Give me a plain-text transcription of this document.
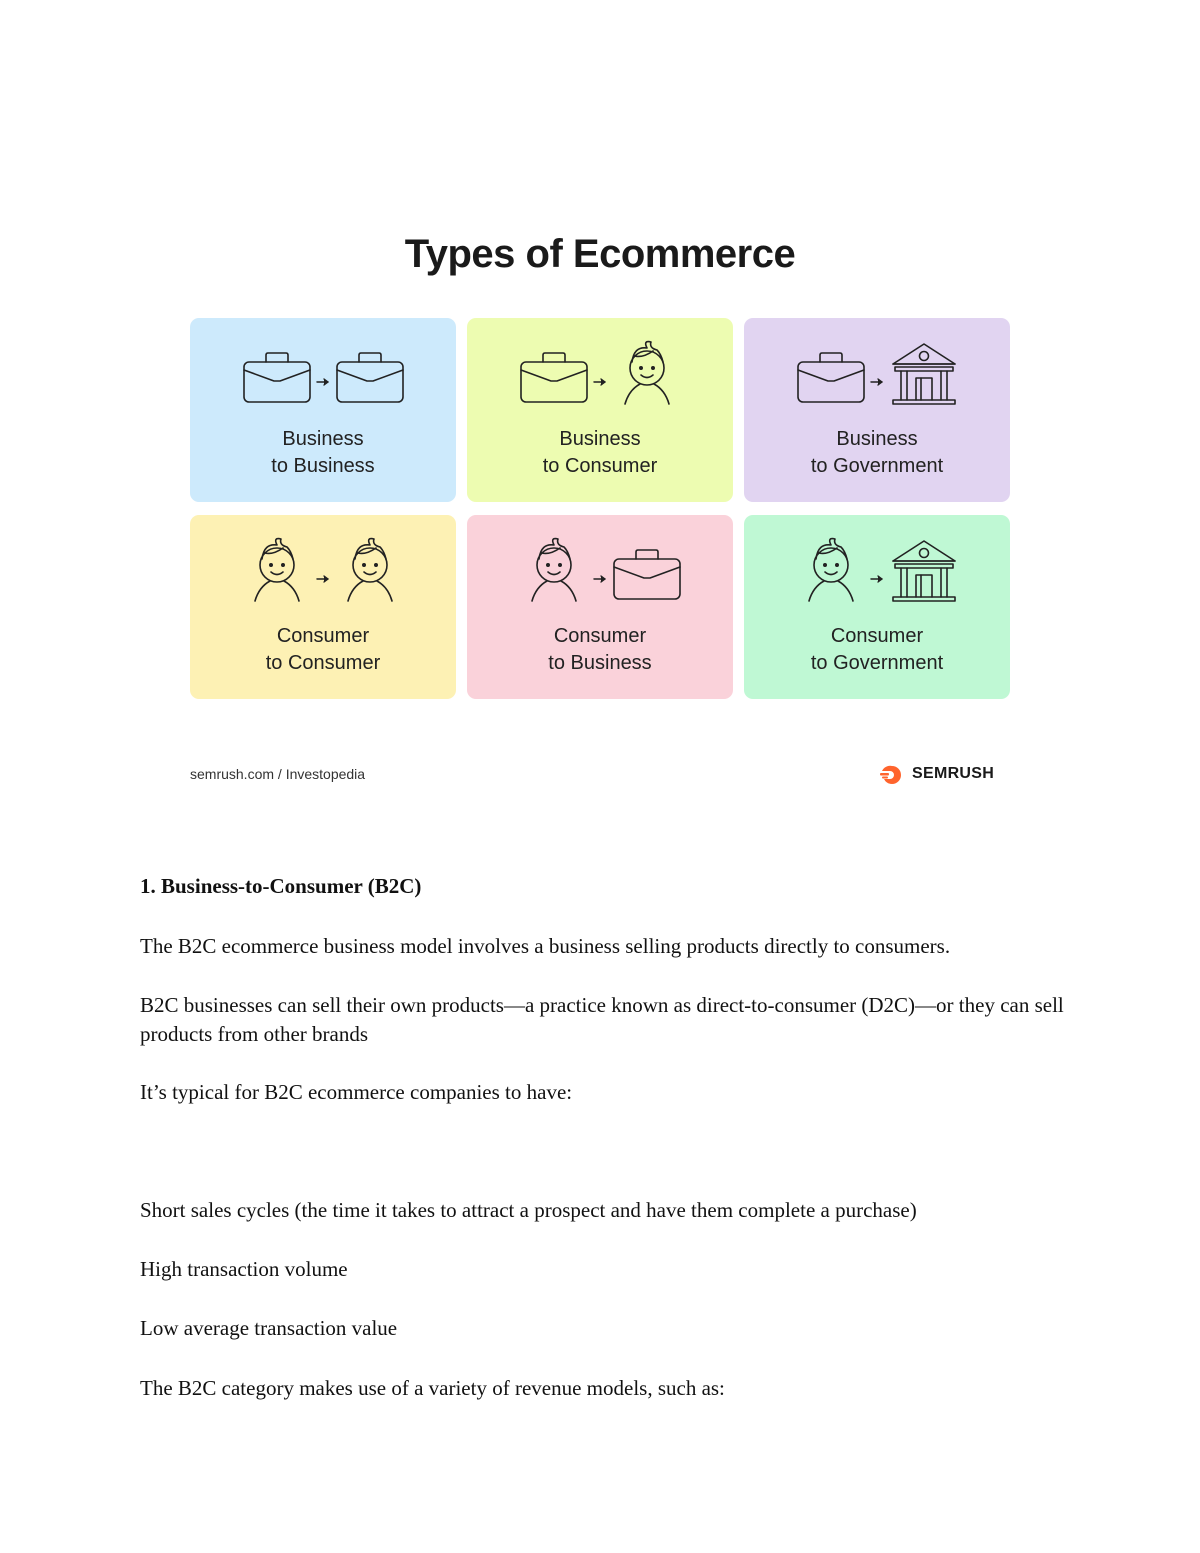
Types of Ecommerce
Business
to Business
Business
to Consumer
Business
to Government
Consumer
to Consumer
Consumer
to Business
Consumer
to Government
semrush.com / Investopedia	SEMRUSH
1. Business-to-Consumer (B2C)

The B2C ecommerce business model involves a business selling products directly to consumers.

B2C businesses can sell their own products—a practice known as direct-to-consumer (D2C)—or they can sell products from other brands

It’s typical for B2C ecommerce companies to have:

Short sales cycles (the time it takes to attract a prospect and have them complete a purchase)

High transaction volume

Low average transaction value

The B2C category makes use of a variety of revenue models, such as:
